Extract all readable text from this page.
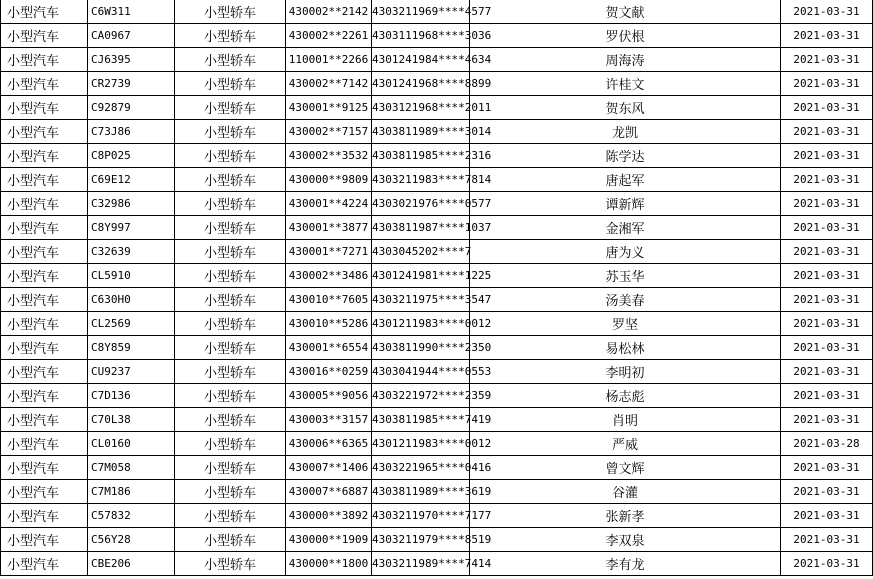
小型汽车	C6W311	小型轿车	430002**2142	4303211969****4577	贺文献	2021-03-31
小型汽车	CA0967	小型轿车	430002**2261	4303111968****3036	罗伏根	2021-03-31
小型汽车	CJ6395	小型轿车	110001**2266	4301241984****4634	周海涛	2021-03-31
小型汽车	CR2739	小型轿车	430002**7142	4301241968****8899	许桂文	2021-03-31
小型汽车	C92879	小型轿车	430001**9125	4303121968****2011	贺东风	2021-03-31
小型汽车	C73J86	小型轿车	430002**7157	4303811989****3014	龙凯	2021-03-31
小型汽车	C8P025	小型轿车	430002**3532	4303811985****2316	陈学达	2021-03-31
小型汽车	C69E12	小型轿车	430000**9809	4303211983****7814	唐起军	2021-03-31
小型汽车	C32986	小型轿车	430001**4224	4303021976****0577	谭新辉	2021-03-31
小型汽车	C8Y997	小型轿车	430001**3877	4303811987****1037	金湘军	2021-03-31
小型汽车	C32639	小型轿车	430001**7271	4303045202****7	唐为义	2021-03-31
小型汽车	CL5910	小型轿车	430002**3486	4301241981****1225	苏玉华	2021-03-31
小型汽车	C630H0	小型轿车	430010**7605	4303211975****3547	汤美春	2021-03-31
小型汽车	CL2569	小型轿车	430010**5286	4301211983****0012	罗坚	2021-03-31
小型汽车	C8Y859	小型轿车	430001**6554	4303811990****2350	易松林	2021-03-31
小型汽车	CU9237	小型轿车	430016**0259	4303041944****0553	李明初	2021-03-31
小型汽车	C7D136	小型轿车	430005**9056	4303221972****2359	杨志彪	2021-03-31
小型汽车	C70L38	小型轿车	430003**3157	4303811985****7419	肖明	2021-03-31
小型汽车	CL0160	小型轿车	430006**6365	4301211983****0012	严威	2021-03-28
小型汽车	C7M058	小型轿车	430007**1406	4303221965****0416	曾文辉	2021-03-31
小型汽车	C7M186	小型轿车	430007**6887	4303811989****3619	谷灌	2021-03-31
小型汽车	C57832	小型轿车	430000**3892	4303211970****7177	张新孝	2021-03-31
小型汽车	C56Y28	小型轿车	430000**1909	4303211979****8519	李双泉	2021-03-31
小型汽车	CBE206	小型轿车	430000**1800	4303211989****7414	李有龙	2021-03-31
